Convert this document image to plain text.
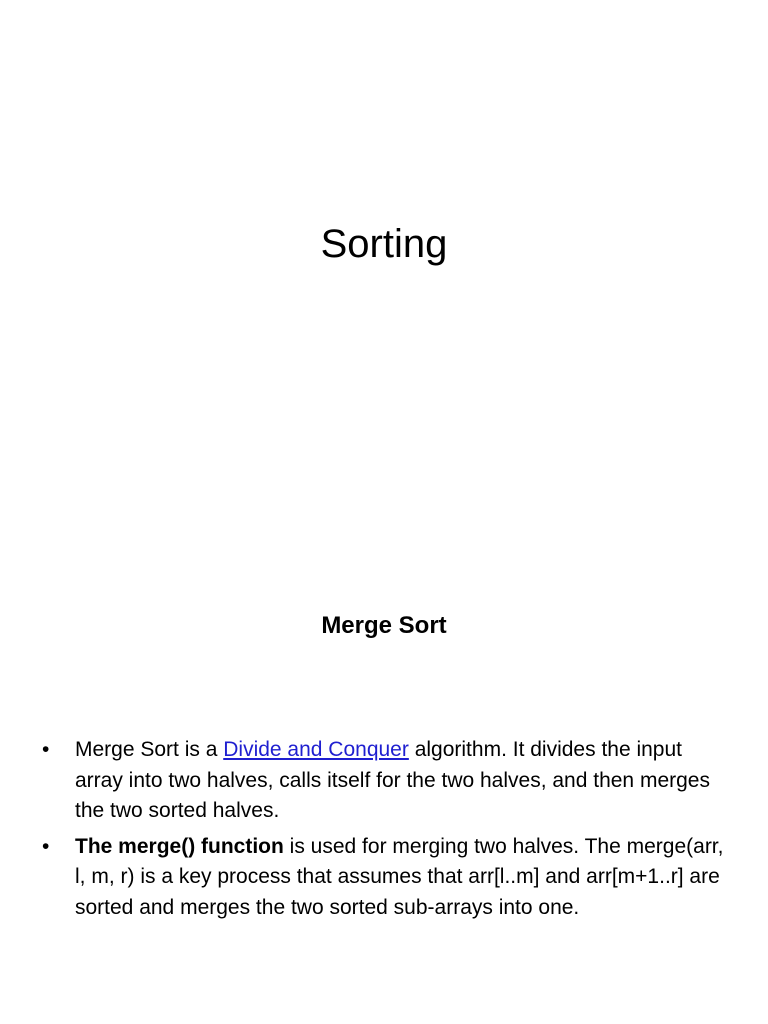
Sorting
Merge Sort
• Merge Sort is a Divide and Conquer algorithm. It divides the input array into two halves, calls itself for the two halves, and then merges the two sorted halves.
• The merge() function is used for merging two halves. The merge(arr, l, m, r) is a key process that assumes that arr[l..m] and arr[m+1..r] are sorted and merges the two sorted sub-arrays into one.
